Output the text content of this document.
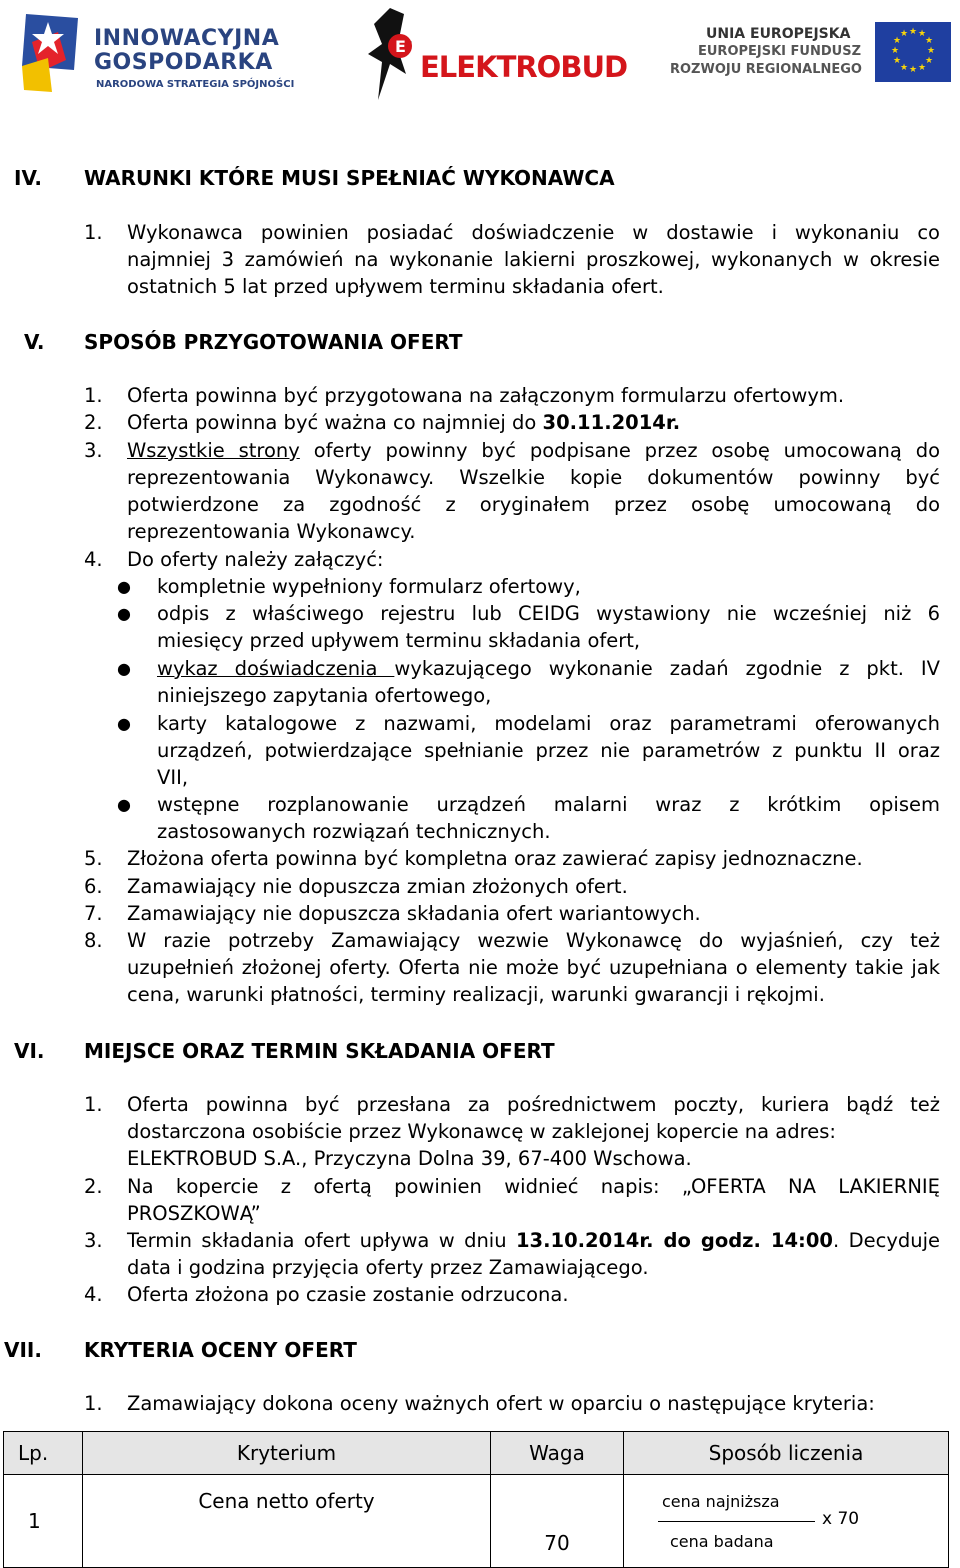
INNOWACYJNA
GOSPODARKA
NARODOWA STRATEGIA SPÓJNOŚCI
E
ELEKTROBUD
UNIA EUROPEJSKA
EUROPEJSKI FUNDUSZ
ROZWOJU REGIONALNEGO
★ ★
★
★
★
★
★
★
★
★
★
★
IV. WARUNKI KTÓRE MUSI SPEŁNIAĆ WYKONAWCA
1. Wykonawca powinien posiadać doświadczenie w dostawie i wykonaniu co
najmniej 3 zamówień na wykonanie lakierni proszkowej, wykonanych w okresie
ostatnich 5 lat przed upływem terminu składania ofert.
V. SPOSÓB PRZYGOTOWANIA OFERT
1. Oferta powinna być przygotowana na załączonym formularzu ofertowym.
2. Oferta powinna być ważna co najmniej do 30.11.2014r.
3. Wszystkie strony oferty powinny być podpisane przez osobę umocowaną do
reprezentowania Wykonawcy. Wszelkie kopie dokumentów powinny być
potwierdzone za zgodność z oryginałem przez osobę umocowaną do
reprezentowania Wykonawcy.
4. Do oferty należy załączyć:
● kompletnie wypełniony formularz ofertowy,
● odpis z właściwego rejestru lub CEIDG wystawiony nie wcześniej niż 6
miesięcy przed upływem terminu składania ofert,
● wykaz doświadczenia wykazującego wykonanie zadań zgodnie z pkt. IV
niniejszego zapytania ofertowego,
● karty katalogowe z nazwami, modelami oraz parametrami oferowanych
urządzeń, potwierdzające spełnianie przez nie parametrów z punktu II oraz
VII,
● wstępne rozplanowanie urządzeń malarni wraz z krótkim opisem
zastosowanych rozwiązań technicznych.
5. Złożona oferta powinna być kompletna oraz zawierać zapisy jednoznaczne.
6. Zamawiający nie dopuszcza zmian złożonych ofert.
7. Zamawiający nie dopuszcza składania ofert wariantowych.
8. W razie potrzeby Zamawiający wezwie Wykonawcę do wyjaśnień, czy też
uzupełnień złożonej oferty. Oferta nie może być uzupełniana o elementy takie jak
cena, warunki płatności, terminy realizacji, warunki gwarancji i rękojmi.
VI. MIEJSCE ORAZ TERMIN SKŁADANIA OFERT
1. Oferta powinna być przesłana za pośrednictwem poczty, kuriera bądź też
dostarczona osobiście przez Wykonawcę w zaklejonej kopercie na adres:
ELEKTROBUD S.A., Przyczyna Dolna 39, 67-400 Wschowa.
2. Na kopercie z ofertą powinien widnieć napis: „OFERTA NA LAKIERNIĘ
PROSZKOWĄ”
3. Termin składania ofert upływa w dniu 13.10.2014r. do godz. 14:00. Decyduje
data i godzina przyjęcia oferty przez Zamawiającego.
4. Oferta złożona po czasie zostanie odrzucona.
VII. KRYTERIA OCENY OFERT
1. Zamawiający dokona oceny ważnych ofert w oparciu o następujące kryteria:
Lp.	Kryterium	Waga	Sposób liczenia
1	Cena netto oferty	70	cena najniższa
x 70
cena badana
